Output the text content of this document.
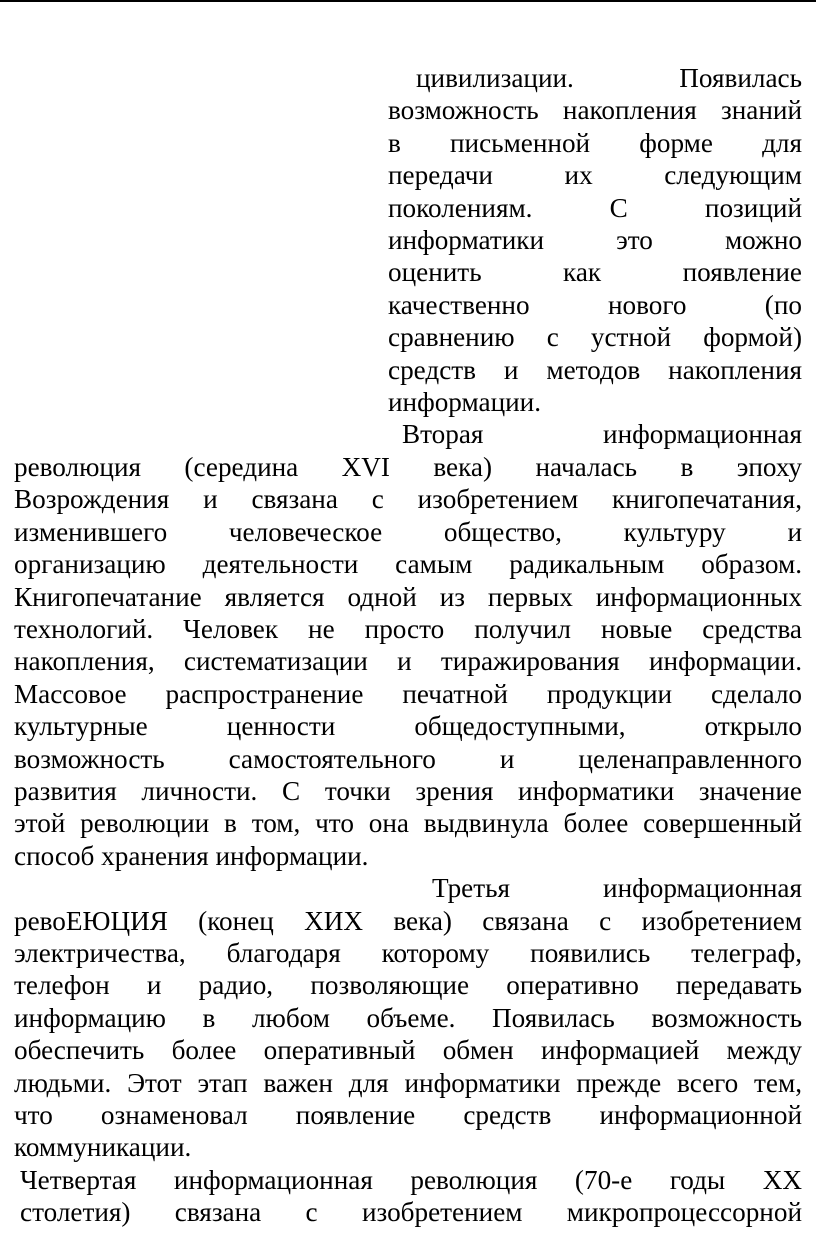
цивилизации. Появилась
возможность накопления знаний
в письменной форме для
передачи их следующим
поколениям. С позиций
информатики это можно
оценить как появление
качественно нового (по
сравнению с устной формой)
средств и методов накопления
информации.
Вторая информационная
революция (середина XVI века) началась в эпоху
Возрождения и связана с изобретением книгопечатания,
изменившего человеческое общество, культуру и
организацию деятельности самым радикальным образом.
Книгопечатание является одной из первых информационных
технологий. Человек не просто получил новые средства
накопления, систематизации и тиражирования информации.
Массовое распространение печатной продукции сделало
культурные ценности общедоступными, открыло
возможность самостоятельного и целенаправленного
развития личности. С точки зрения информатики значение
этой революции в том, что она выдвинула более совершенный
способ хранения информации.
Третья информационная
ревоЕЮЦИЯ (конец ХИХ века) связана с изобретением
электричества, благодаря которому появились телеграф,
телефон и радио, позволяющие оперативно передавать
информацию в любом объеме. Появилась возможность
обеспечить более оперативный обмен информацией между
людьми. Этот этап важен для информатики прежде всего тем,
что ознаменовал появление средств информационной
коммуникации.
Четвертая информационная революция (70-е годы XX
столетия) связана с изобретением микропроцессорной
